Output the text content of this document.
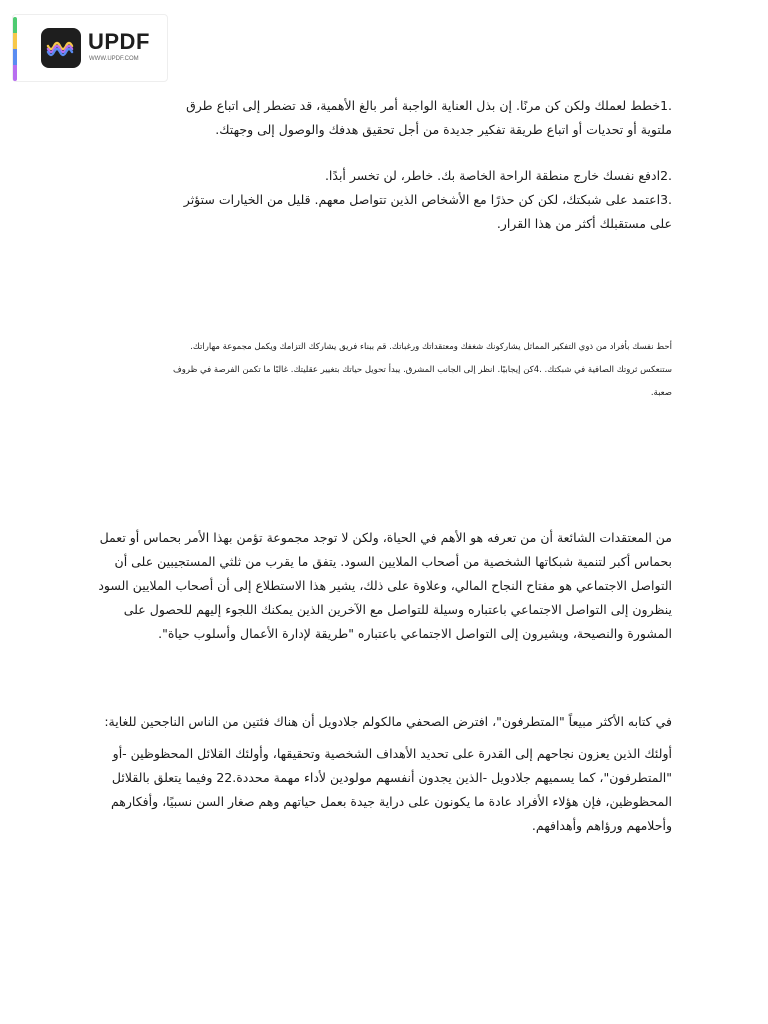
UPDF
WWW.UPDF.COM

.1خطط لعملك ولكن كن مرنًا. إن بذل العناية الواجبة أمر بالغ الأهمية، قد تضطر إلى اتباع طرق ملتوية أو تحديات أو اتباع طريقة تفكير جديدة من أجل تحقيق هدفك والوصول إلى وجهتك.

.2ادفع نفسك خارج منطقة الراحة الخاصة بك. خاطر، لن تخسر أبدًا.

.3اعتمد على شبكتك، لكن كن حذرًا مع الأشخاص الذين تتواصل معهم. قليل من الخيارات ستؤثر على مستقبلك أكثر من هذا القرار.

أحط نفسك بأفراد من ذوي التفكير المماثل يشاركونك شغفك ومعتقداتك ورغباتك. قم ببناء فريق يشاركك التزامك ويكمل مجموعة مهاراتك. ستنعكس ثروتك الصافية في شبكتك. .4كن إيجابيًا. انظر إلى الجانب المشرق. يبدأ تحويل حياتك بتغيير عقليتك. غالبًا ما تكمن الفرصة في ظروف صعبة.

من المعتقدات الشائعة أن من تعرفه هو الأهم في الحياة، ولكن لا توجد مجموعة تؤمن بهذا الأمر بحماس أو تعمل بحماس أكبر لتنمية شبكاتها الشخصية من أصحاب الملايين السود. يتفق ما يقرب من ثلثي المستجيبين على أن التواصل الاجتماعي هو مفتاح النجاح المالي، وعلاوة على ذلك، يشير هذا الاستطلاع إلى أن أصحاب الملايين السود ينظرون إلى التواصل الاجتماعي باعتباره وسيلة للتواصل مع الآخرين الذين يمكنك اللجوء إليهم للحصول على المشورة والنصيحة، ويشيرون إلى التواصل الاجتماعي باعتباره "طريقة لإدارة الأعمال وأسلوب حياة".

في كتابه الأكثر مبيعاً "المتطرفون"، افترض الصحفي مالكولم جلادويل أن هناك فئتين من الناس الناجحين للغاية:

أولئك الذين يعزون نجاحهم إلى القدرة على تحديد الأهداف الشخصية وتحقيقها، وأولئك القلائل المحظوظين -أو "المتطرفون"، كما يسميهم جلادويل -الذين يجدون أنفسهم مولودين لأداء مهمة محددة.22 وفيما يتعلق بالقلائل المحظوظين، فإن هؤلاء الأفراد عادة ما يكونون على دراية جيدة بعمل حياتهم وهم صغار السن نسبيًا، وأفكارهم وأحلامهم ورؤاهم وأهدافهم.
